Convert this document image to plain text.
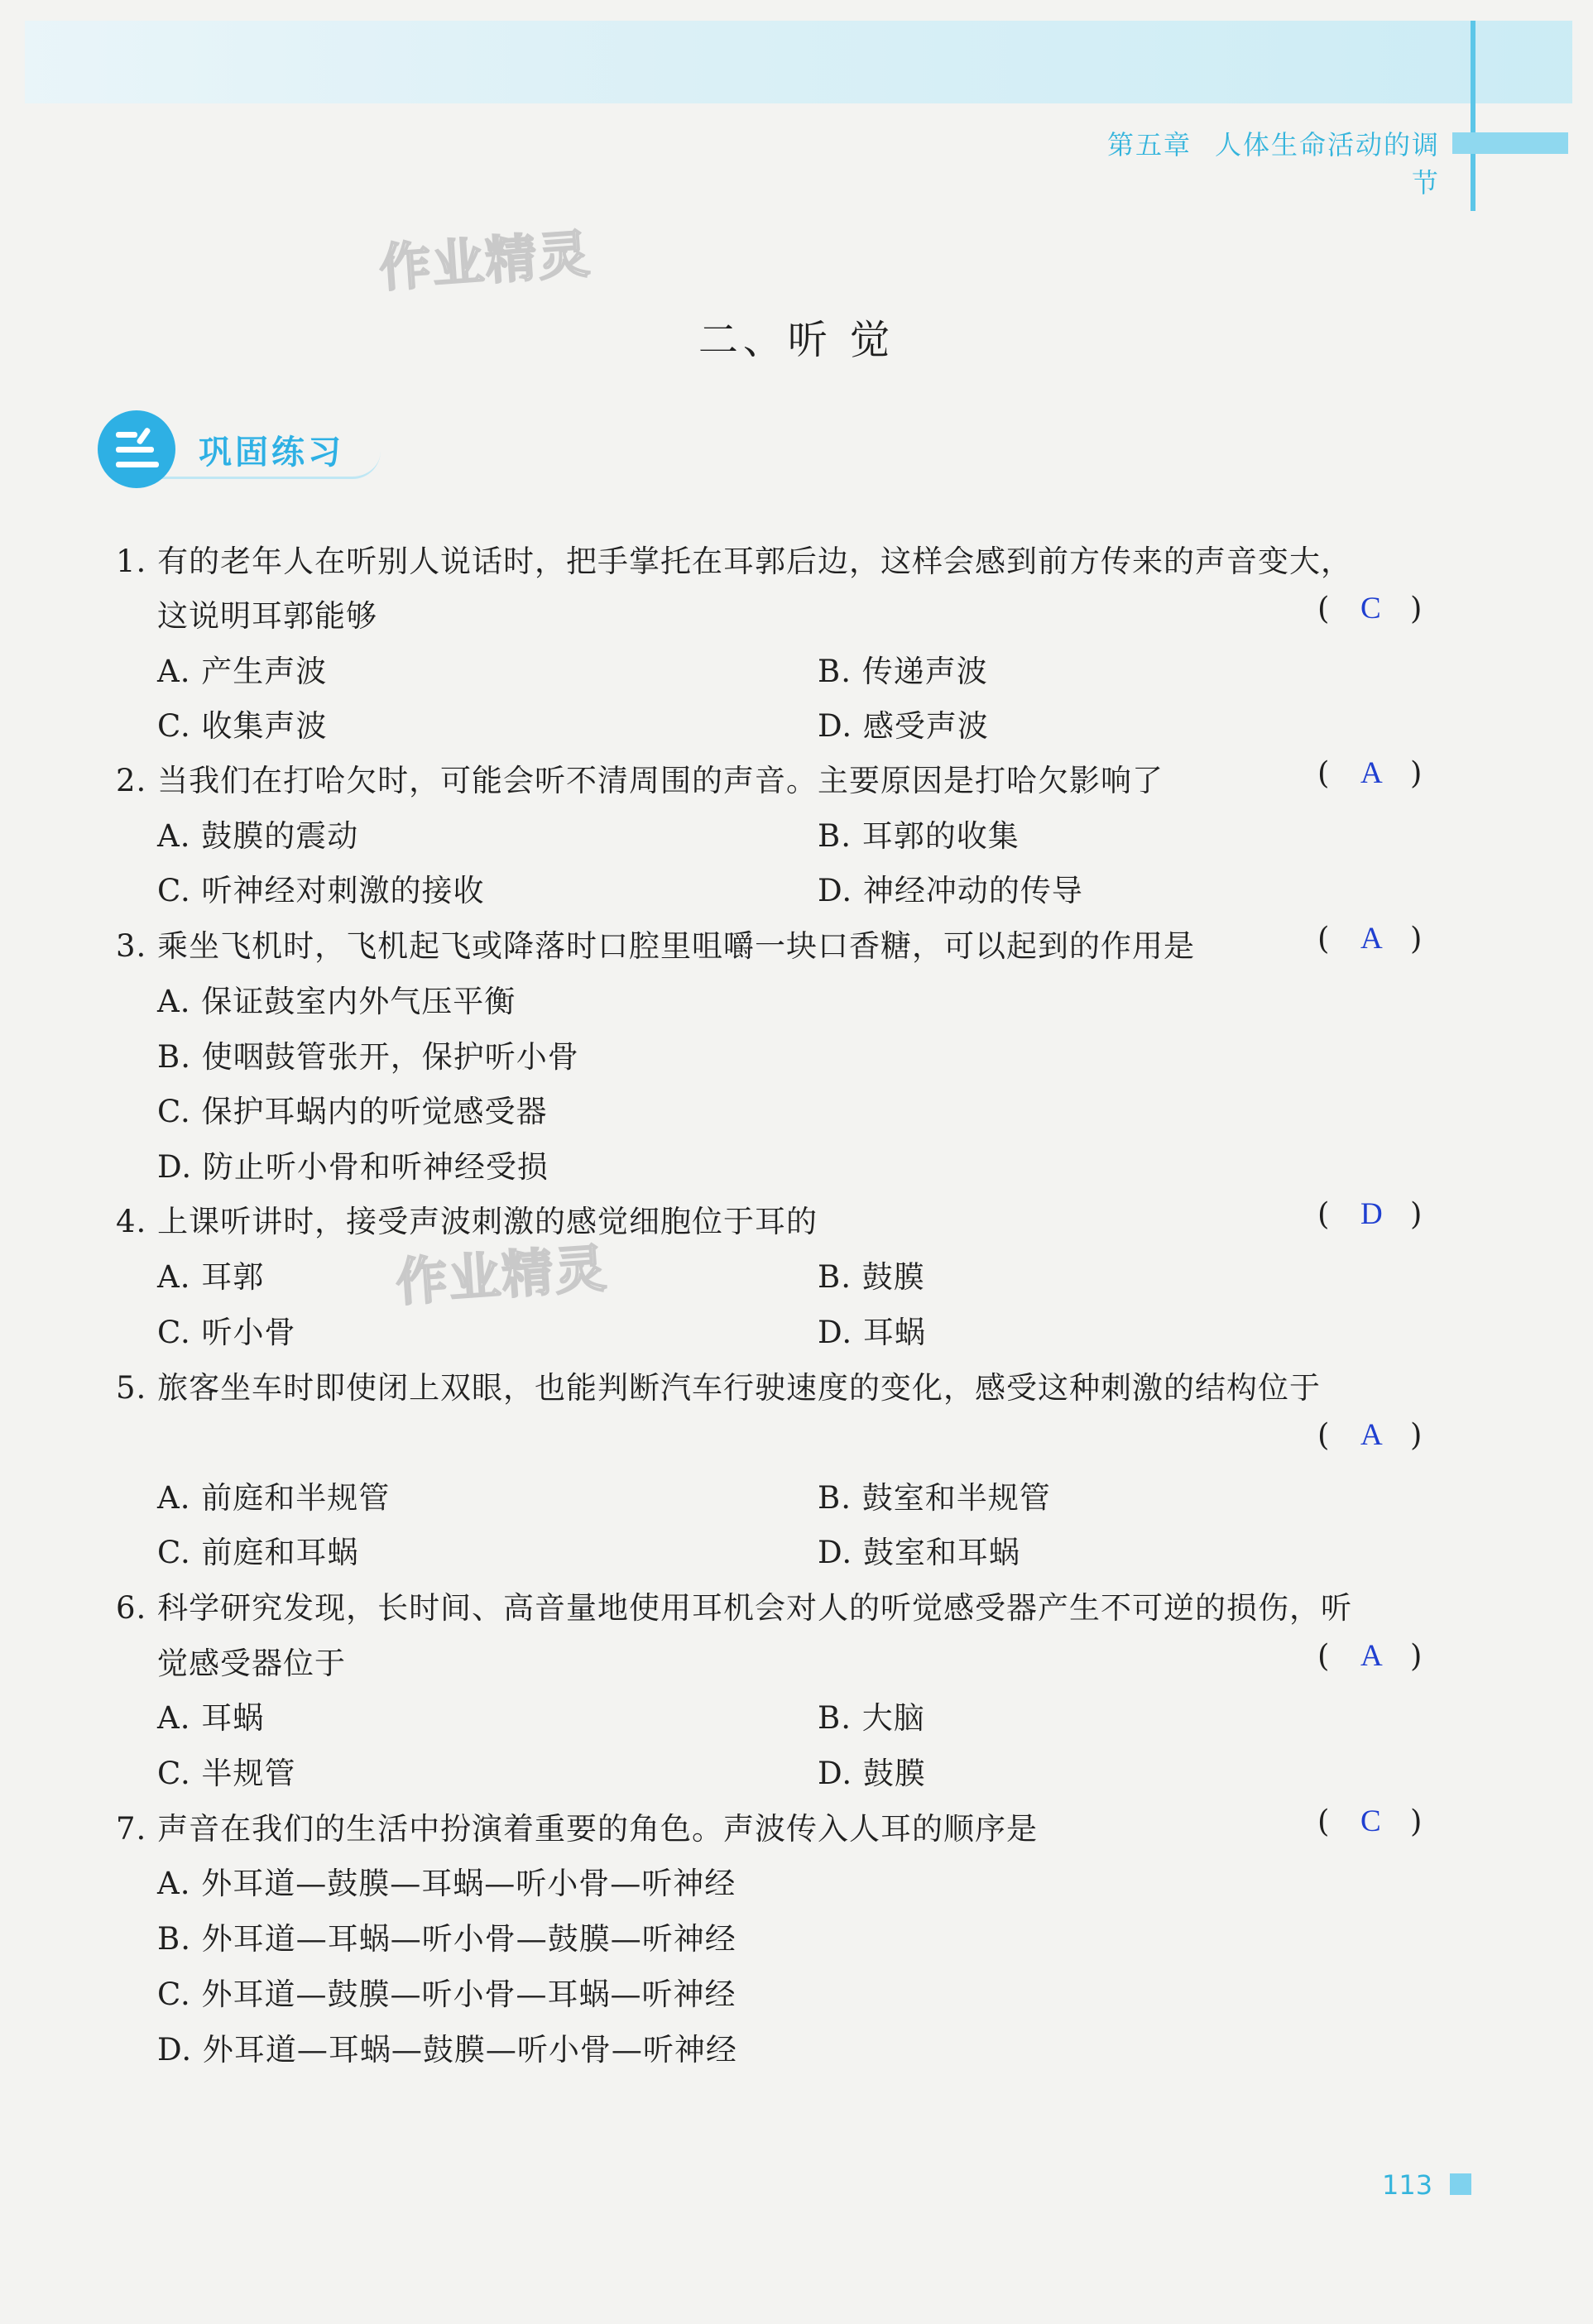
第五章 人体生命活动的调节
作业精灵
二、听 觉
巩固练习
1. 有的老年人在听别人说话时，把手掌托在耳郭后边，这样会感到前方传来的声音变大，
这说明耳郭能够	( C )
A. 产生声波	B. 传递声波
C. 收集声波	D. 感受声波
2. 当我们在打哈欠时，可能会听不清周围的声音。主要原因是打哈欠影响了	( A )
A. 鼓膜的震动	B. 耳郭的收集
C. 听神经对刺激的接收	D. 神经冲动的传导
3. 乘坐飞机时，飞机起飞或降落时口腔里咀嚼一块口香糖，可以起到的作用是	( A )
A. 保证鼓室内外气压平衡
B. 使咽鼓管张开，保护听小骨
C. 保护耳蜗内的听觉感受器
D. 防止听小骨和听神经受损
4. 上课听讲时，接受声波刺激的感觉细胞位于耳的	( D )
A. 耳郭	B. 鼓膜
C. 听小骨	D. 耳蜗
5. 旅客坐车时即使闭上双眼，也能判断汽车行驶速度的变化，感受这种刺激的结构位于
( A )
A. 前庭和半规管	B. 鼓室和半规管
C. 前庭和耳蜗	D. 鼓室和耳蜗
6. 科学研究发现，长时间、高音量地使用耳机会对人的听觉感受器产生不可逆的损伤，听
觉感受器位于	( A )
A. 耳蜗	B. 大脑
C. 半规管	D. 鼓膜
7. 声音在我们的生活中扮演着重要的角色。声波传入人耳的顺序是	( C )
A. 外耳道—鼓膜—耳蜗—听小骨—听神经
B. 外耳道—耳蜗—听小骨—鼓膜—听神经
C. 外耳道—鼓膜—听小骨—耳蜗—听神经
D. 外耳道—耳蜗—鼓膜—听小骨—听神经
作业精灵
113
